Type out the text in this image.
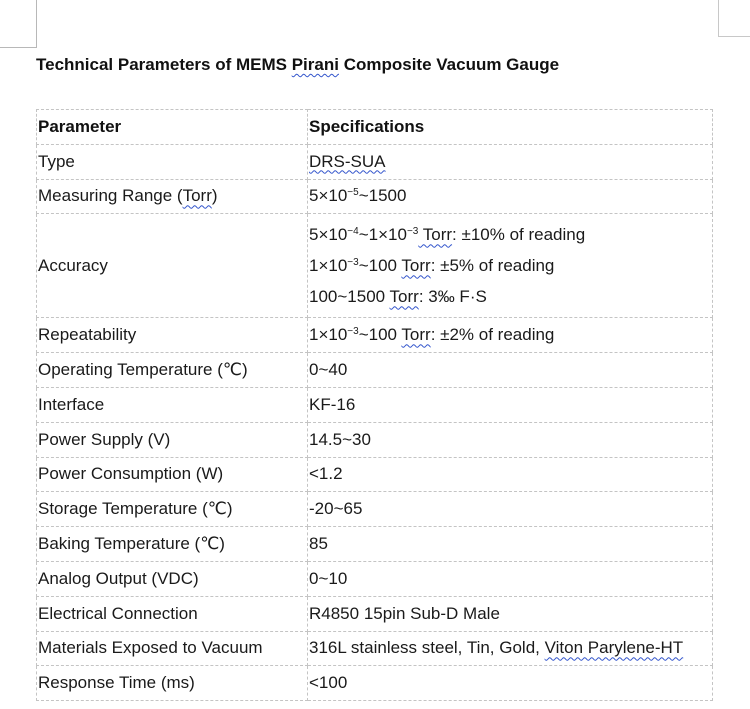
Technical Parameters of MEMS Pirani Composite Vacuum Gauge
Parameter	Specifications
Type	DRS-SUA
Measuring Range (Torr)	$5\times 10^{-5}\sim 1500$
Accuracy	$5\times 10^{-4}\sim 1\times 10^{-3}$ Torr: ±10% of reading
$1\times 10^{-3}\sim 100$ Torr: ±5% of reading
100~1500 Torr: 3‰ F·S

Repeatability	$1\times 10^{-3}\sim 100$ Torr: ±2% of reading
Operating Temperature (℃)	0~40
Interface	KF-16
Power Supply (V)	14.5~30
Power Consumption (W)	<1.2
Storage Temperature (℃)	-20~65
Baking Temperature (℃)	85
Analog Output (VDC)	0~10
Electrical Connection	R4850 15pin Sub-D Male
Materials Exposed to Vacuum	316L stainless steel, Tin, Gold, Viton Parylene-HT
Response Time (ms)	<100
